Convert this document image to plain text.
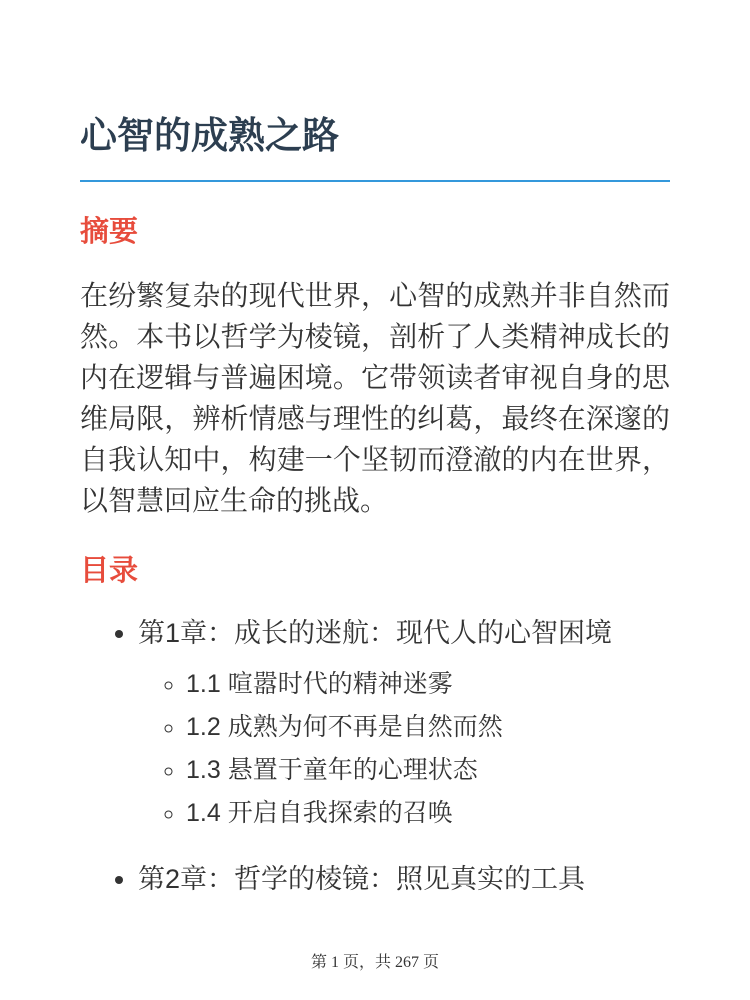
心智的成熟之路
摘要

在纷繁复杂的现代世界，心智的成熟并非自然而然。本书以哲学为棱镜，剖析了人类精神成长的内在逻辑与普遍困境。它带领读者审视自身的思维局限，辨析情感与理性的纠葛，最终在深邃的自我认知中，构建一个坚韧而澄澈的内在世界，以智慧回应生命的挑战。

目录
• 第1章：成长的迷航：现代人的心智困境
◦ 1.1 喧嚣时代的精神迷雾
◦ 1.2 成熟为何不再是自然而然
◦ 1.3 悬置于童年的心理状态
◦ 1.4 开启自我探索的召唤
• 第2章：哲学的棱镜：照见真实的工具
第 1 页，共 267 页
